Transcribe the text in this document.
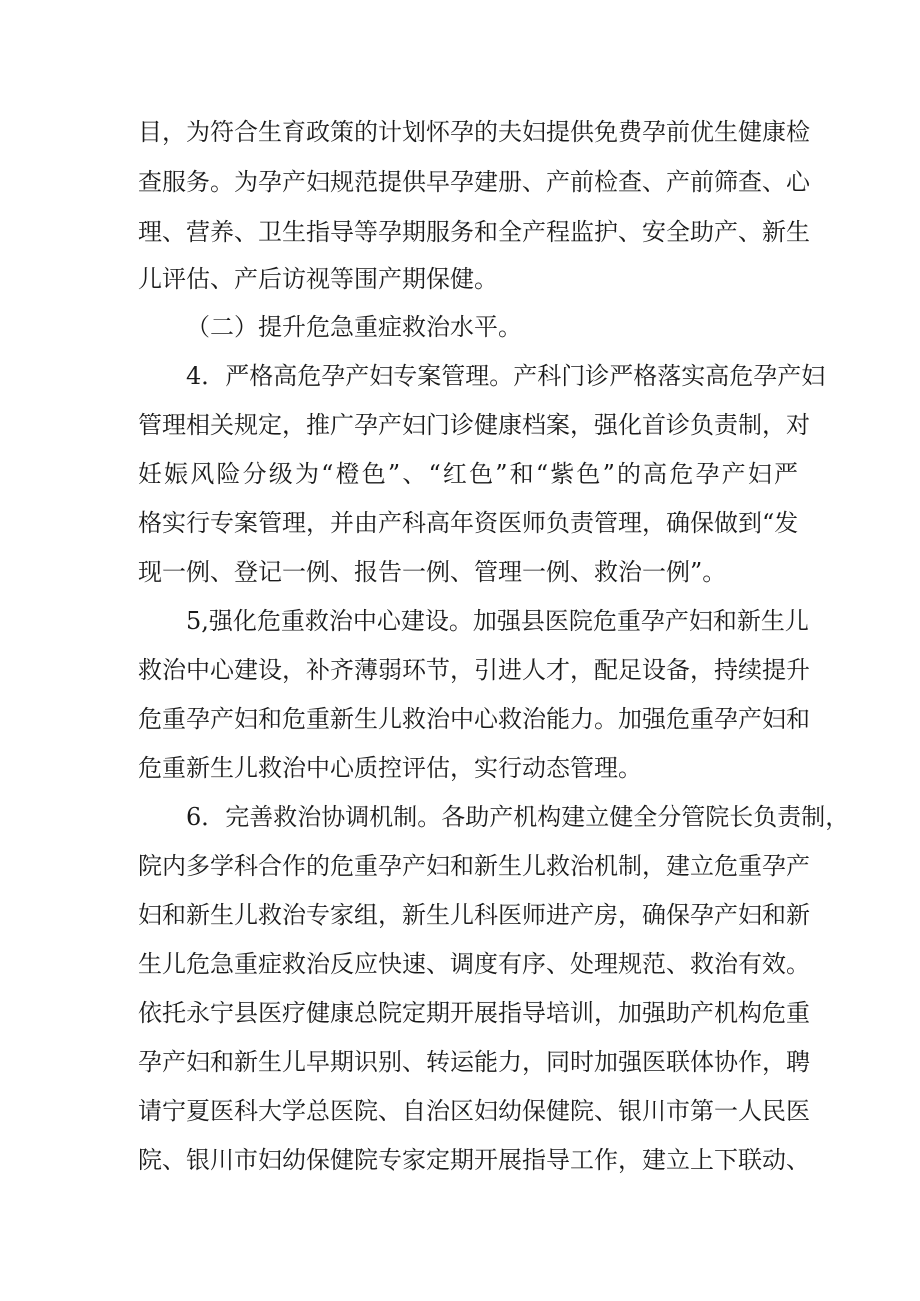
目，为符合生育政策的计划怀孕的夫妇提供免费孕前优生健康检
查服务。为孕产妇规范提供早孕建册、产前检查、产前筛查、心
理、营养、卫生指导等孕期服务和全产程监护、安全助产、新生
儿评估、产后访视等围产期保健。
（二）提升危急重症救治水平。
4．严格高危孕产妇专案管理。产科门诊严格落实高危孕产妇
管理相关规定，推广孕产妇门诊健康档案，强化首诊负责制，对
妊娠风险分级为“橙色”、“红色”和“紫色”的高危孕产妇严
格实行专案管理，并由产科高年资医师负责管理，确保做到“发
现一例、登记一例、报告一例、管理一例、救治一例”。
5,强化危重救治中心建设。加强县医院危重孕产妇和新生儿
救治中心建设，补齐薄弱环节，引进人才，配足设备，持续提升
危重孕产妇和危重新生儿救治中心救治能力。加强危重孕产妇和
危重新生儿救治中心质控评估，实行动态管理。
6．完善救治协调机制。各助产机构建立健全分管院长负责制，
院内多学科合作的危重孕产妇和新生儿救治机制，建立危重孕产
妇和新生儿救治专家组，新生儿科医师进产房，确保孕产妇和新
生儿危急重症救治反应快速、调度有序、处理规范、救治有效。
依托永宁县医疗健康总院定期开展指导培训，加强助产机构危重
孕产妇和新生儿早期识别、转运能力，同时加强医联体协作，聘
请宁夏医科大学总医院、自治区妇幼保健院、银川市第一人民医
院、银川市妇幼保健院专家定期开展指导工作，建立上下联动、
